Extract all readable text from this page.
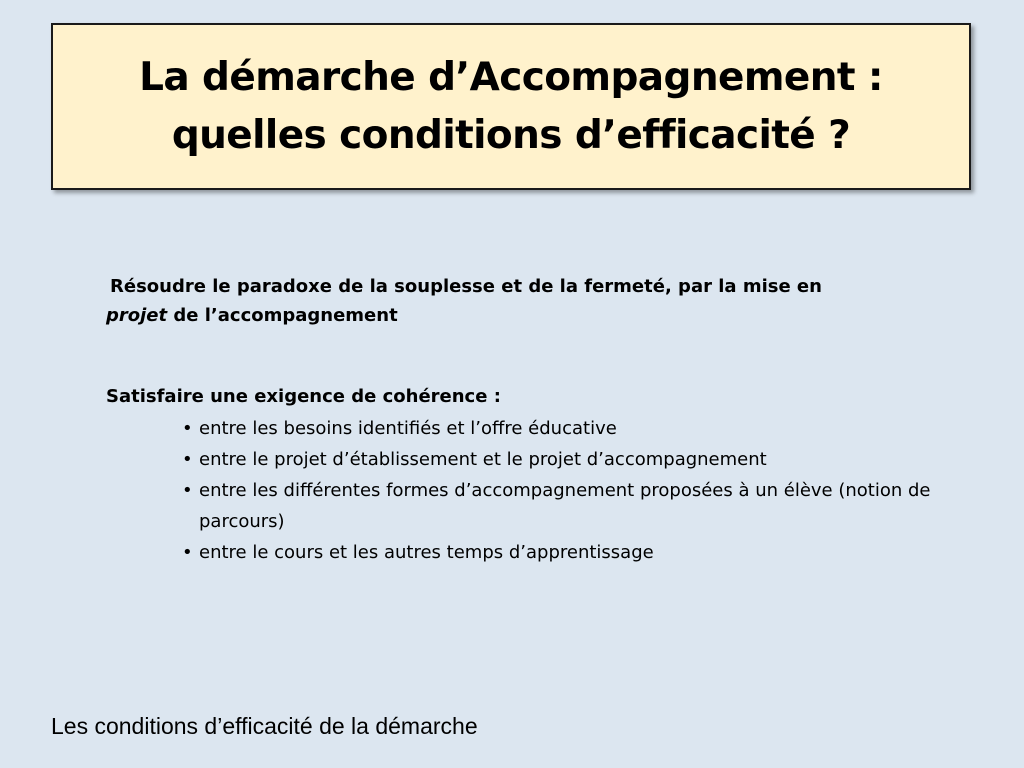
La démarche d’Accompagnement :
quelles conditions d’efficacité ?
Résoudre le paradoxe de la souplesse et de la fermeté, par la mise en
projet de l’accompagnement
Satisfaire une exigence de cohérence :
• entre les besoins identifiés et l’offre éducative
• entre le projet d’établissement et le projet d’accompagnement
• entre les différentes formes d’accompagnement proposées à un élève (notion de parcours)
• entre le cours et les autres temps d’apprentissage
Les conditions d’efficacité de la démarche
